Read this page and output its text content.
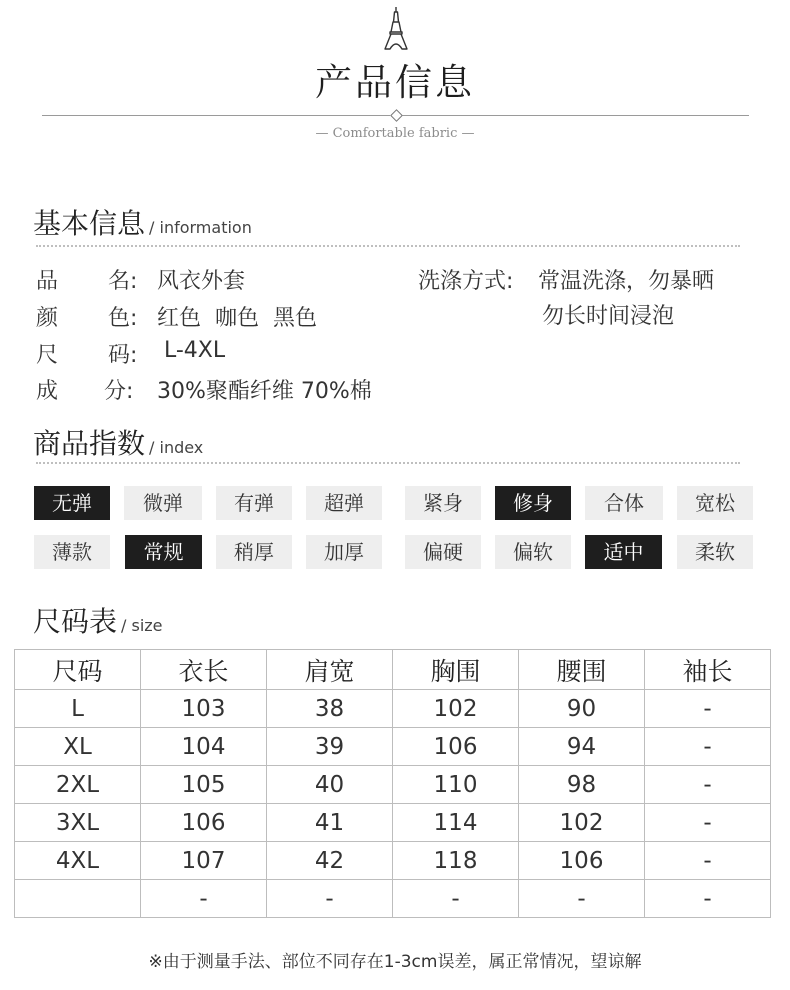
产品信息
— Comfortable fabric —
基本信息 / information
品 名: 风衣外套
颜 色: 红色  咖色  黑色
尺 码: L-4XL
成 分: 30%聚酯纤维 70%棉
洗涤方式: 常温洗涤，勿暴晒
勿长时间浸泡
商品指数 / index
无弹	微弹	有弹	超弹	紧身	修身	合体	宽松
薄款	常规	稍厚	加厚	偏硬	偏软	适中	柔软
尺码表 / size
尺码	衣长	肩宽	胸围	腰围	袖长
L	103	38	102	90	-
XL	104	39	106	94	-
2XL	105	40	110	98	-
3XL	106	41	114	102	-
4XL	107	42	118	106	-
	-	-	-	-	-
※由于测量手法、部位不同存在1-3cm误差，属正常情况，望谅解
